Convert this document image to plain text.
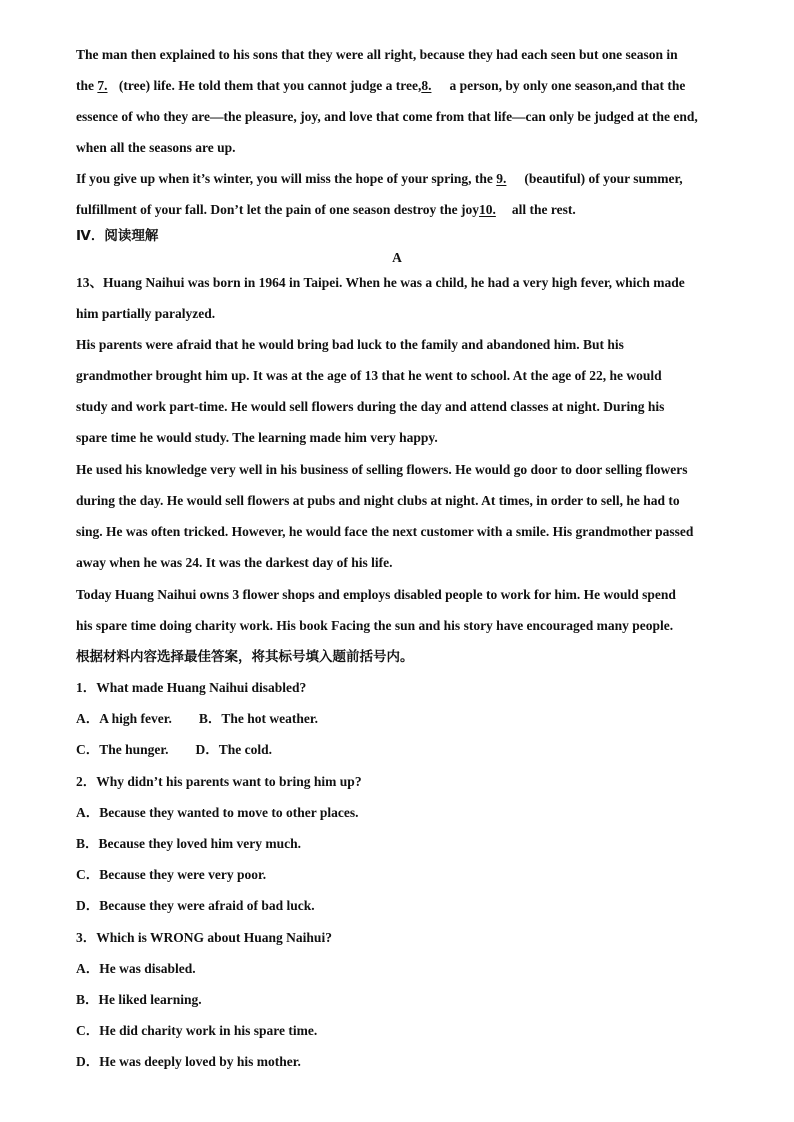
The man then explained to his sons that they were all right, because they had each seen but one season in
the 7. (tree) life. He told them that you cannot judge a tree,8. a person, by only one season,and that the
essence of who they are—the pleasure, joy, and love that come from that life—can only be judged at the end,
when all the seasons are up.
If you give up when it’s winter, you will miss the hope of your spring, the 9. (beautiful) of your summer,
fulfillment of your fall. Don’t let the pain of one season destroy the joy10. all the rest.
Ⅳ．阅读理解
A
13、Huang Naihui was born in 1964 in Taipei. When he was a child, he had a very high fever, which made
him partially paralyzed.
His parents were afraid that he would bring bad luck to the family and abandoned him. But his
grandmother brought him up. It was at the age of 13 that he went to school. At the age of 22, he would
study and work part-time. He would sell flowers during the day and attend classes at night. During his
spare time he would study. The learning made him very happy.
He used his knowledge very well in his business of selling flowers. He would go door to door selling flowers
during the day. He would sell flowers at pubs and night clubs at night. At times, in order to sell, he had to
sing. He was often tricked. However, he would face the next customer with a smile. His grandmother passed
away when he was 24. It was the darkest day of his life.
Today Huang Naihui owns 3 flower shops and employs disabled people to work for him. He would spend
his spare time doing charity work. His book Facing the sun and his story have encouraged many people.
根据材料内容选择最佳答案，将其标号填入题前括号内。
1．What made Huang Naihui disabled?
A．A high fever. B．The hot weather.
C．The hunger. D．The cold.
2．Why didn’t his parents want to bring him up?
A．Because they wanted to move to other places.
B．Because they loved him very much.
C．Because they were very poor.
D．Because they were afraid of bad luck.
3．Which is WRONG about Huang Naihui?
A．He was disabled.
B．He liked learning.
C．He did charity work in his spare time.
D．He was deeply loved by his mother.
